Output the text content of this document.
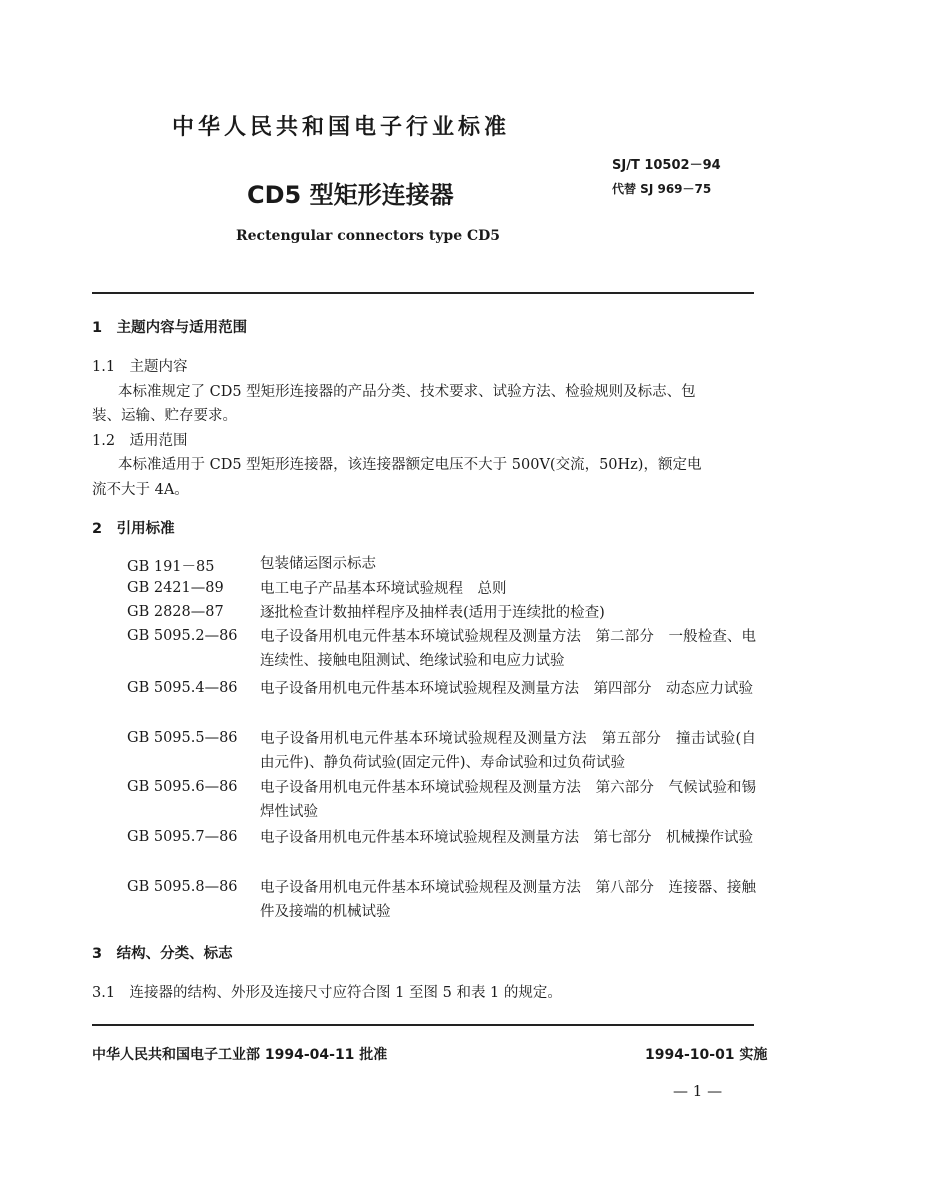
中华人民共和国电子行业标准
SJ/T 10502－94
代替 SJ 969－75
CD5 型矩形连接器
Rectengular connectors type CD5
1　主题内容与适用范围
1.1　主题内容
本标准规定了 CD5 型矩形连接器的产品分类、技术要求、试验方法、检验规则及标志、包
装、运输、贮存要求。
1.2　适用范围
本标准适用于 CD5 型矩形连接器，该连接器额定电压不大于 500V(交流，50Hz)，额定电
流不大于 4A。
2　引用标准
GB 191－85	包装储运图示标志
GB 2421—89	电工电子产品基本环境试验规程　总则
GB 2828—87	逐批检查计数抽样程序及抽样表(适用于连续批的检查)
GB 5095.2—86 电子设备用机电元件基本环境试验规程及测量方法　第二部分　一般检查、电连续性、接触电阻测试、绝缘试验和电应力试验
GB 5095.4—86 电子设备用机电元件基本环境试验规程及测量方法　第四部分　动态应力试验
GB 5095.5—86 电子设备用机电元件基本环境试验规程及测量方法　第五部分　撞击试验(自由元件)、静负荷试验(固定元件)、寿命试验和过负荷试验
GB 5095.6—86 电子设备用机电元件基本环境试验规程及测量方法　第六部分　气候试验和锡焊性试验
GB 5095.7—86 电子设备用机电元件基本环境试验规程及测量方法　第七部分　机械操作试验
GB 5095.8—86 电子设备用机电元件基本环境试验规程及测量方法　第八部分　连接器、接触件及接端的机械试验
3　结构、分类、标志
3.1　连接器的结构、外形及连接尺寸应符合图 1 至图 5 和表 1 的规定。
中华人民共和国电子工业部 1994-04-11 批准	1994-10-01 实施
— 1 —
